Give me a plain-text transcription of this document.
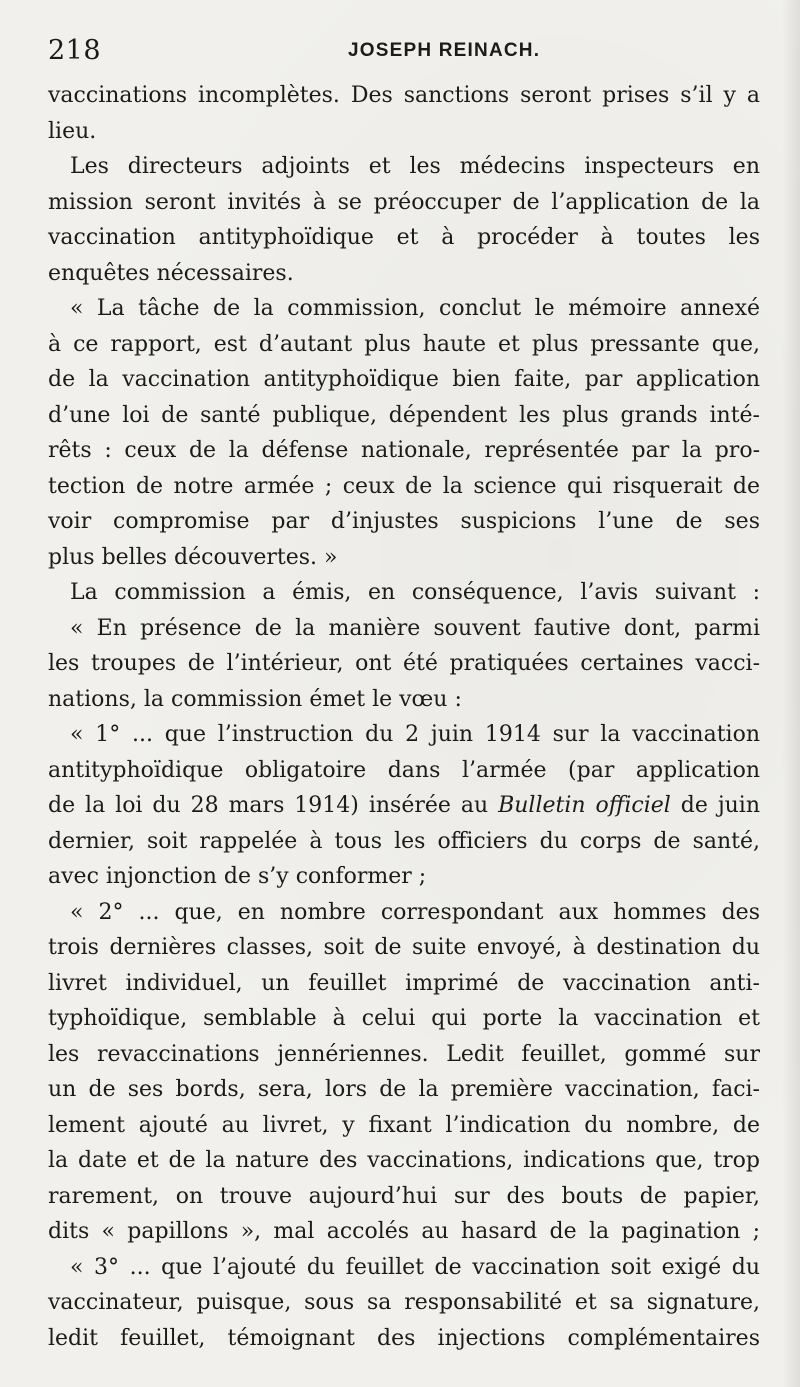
218	JOSEPH REINACH.
vaccinations incomplètes. Des sanctions seront prises s’il y a
lieu.
Les directeurs adjoints et les médecins inspecteurs en
mission seront invités à se préoccuper de l’application de la
vaccination antityphoïdique et à procéder à toutes les
enquêtes nécessaires.
« La tâche de la commission, conclut le mémoire annexé
à ce rapport, est d’autant plus haute et plus pressante que,
de la vaccination antityphoïdique bien faite, par application
d’une loi de santé publique, dépendent les plus grands inté-
rêts : ceux de la défense nationale, représentée par la pro-
tection de notre armée ; ceux de la science qui risquerait de
voir compromise par d’injustes suspicions l’une de ses
plus belles découvertes. »
La commission a émis, en conséquence, l’avis suivant :
« En présence de la manière souvent fautive dont, parmi
les troupes de l’intérieur, ont été pratiquées certaines vacci-
nations, la commission émet le vœu :
« 1° ... que l’instruction du 2 juin 1914 sur la vaccination
antityphoïdique obligatoire dans l’armée (par application
de la loi du 28 mars 1914) insérée au Bulletin officiel de juin
dernier, soit rappelée à tous les officiers du corps de santé,
avec injonction de s’y conformer ;
« 2° ... que, en nombre correspondant aux hommes des
trois dernières classes, soit de suite envoyé, à destination du
livret individuel, un feuillet imprimé de vaccination anti-
typhoïdique, semblable à celui qui porte la vaccination et
les revaccinations jennériennes. Ledit feuillet, gommé sur
un de ses bords, sera, lors de la première vaccination, faci-
lement ajouté au livret, y fixant l’indication du nombre, de
la date et de la nature des vaccinations, indications que, trop
rarement, on trouve aujourd’hui sur des bouts de papier,
dits « papillons », mal accolés au hasard de la pagination ;
« 3° ... que l’ajouté du feuillet de vaccination soit exigé du
vaccinateur, puisque, sous sa responsabilité et sa signature,
ledit feuillet, témoignant des injections complémentaires
